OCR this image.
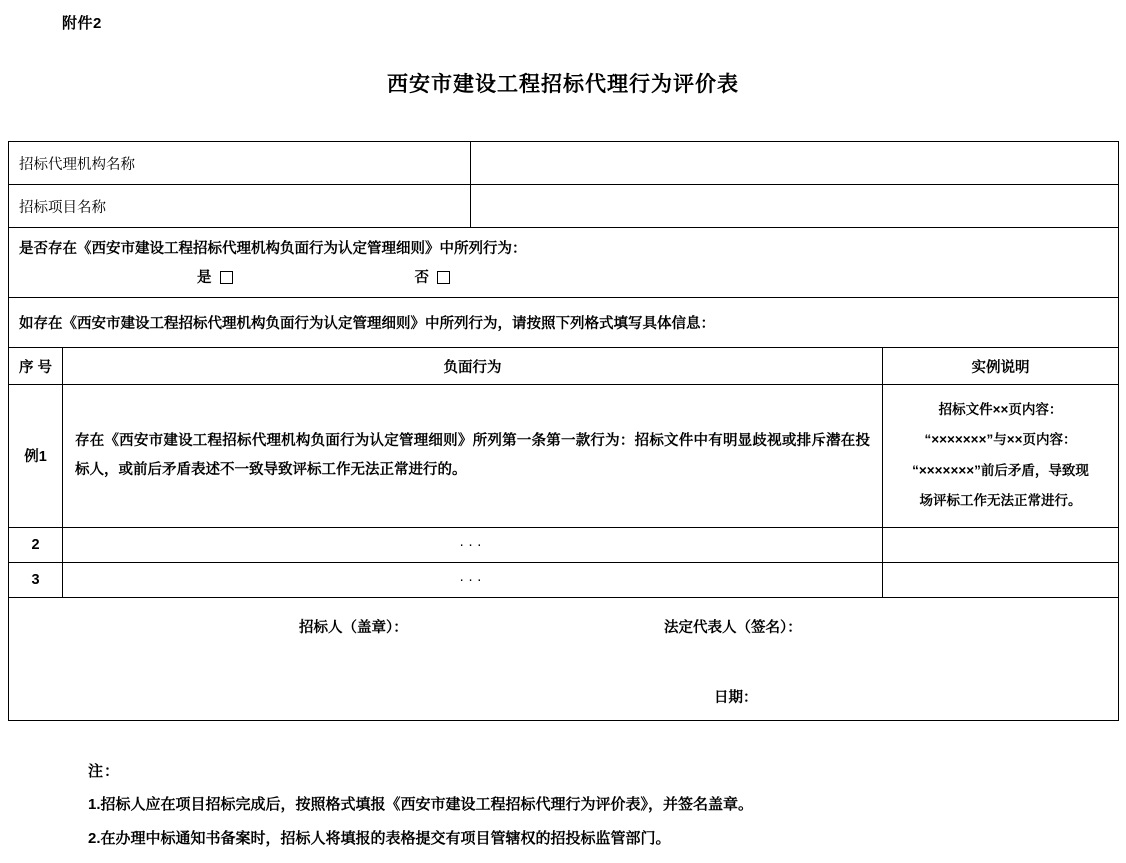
附件2
西安市建设工程招标代理行为评价表
招标代理机构名称			

招标项目名称			

是否存在《西安市建设工程招标代理机构负面行为认定管理细则》中所列行为：
是 否			

如存在《西安市建设工程招标代理机构负面行为认定管理细则》中所列行为，请按照下列格式填写具体信息：			

序 号	负面行为		实例说明
例1	存在《西安市建设工程招标代理机构负面行为认定管理细则》所列第一条第一款行为：招标文件中有明显歧视或排斥潜在投标人，或前后矛盾表述不一致导致评标工作无法正常进行的。		招标文件××页内容：
“×××××××”与××页内容：
“×××××××”前后矛盾，导致现
场评标工作无法正常进行。

2	···		
3	···		

招标人（盖章）： 法定代表人（签名）：
日期：			
注：
1.招标人应在项目招标完成后，按照格式填报《西安市建设工程招标代理行为评价表》，并签名盖章。
2.在办理中标通知书备案时，招标人将填报的表格提交有项目管辖权的招投标监管部门。
